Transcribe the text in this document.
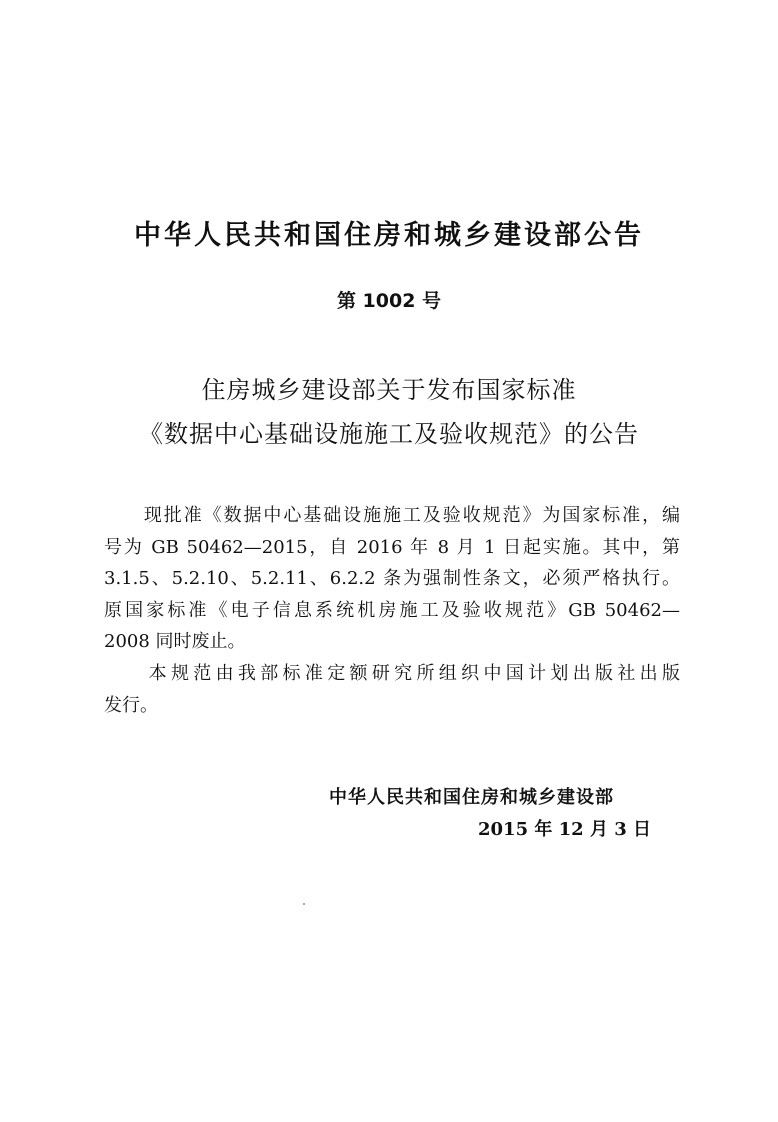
中华人民共和国住房和城乡建设部公告
第 1002 号
住房城乡建设部关于发布国家标准
《数据中心基础设施施工及验收规范》的公告
　　现批准《数据中心基础设施施工及验收规范》为国家标准，编
号为 GB 50462—2015，自 2016 年 8 月 1 日起实施。其中，第
3.1.5、5.2.10、5.2.11、6.2.2 条为强制性条文，必须严格执行。
原国家标准《电子信息系统机房施工及验收规范》GB 50462—
2008 同时废止。
　　本规范由我部标准定额研究所组织中国计划出版社出版
发行。
中华人民共和国住房和城乡建设部
2015 年 12 月 3 日
